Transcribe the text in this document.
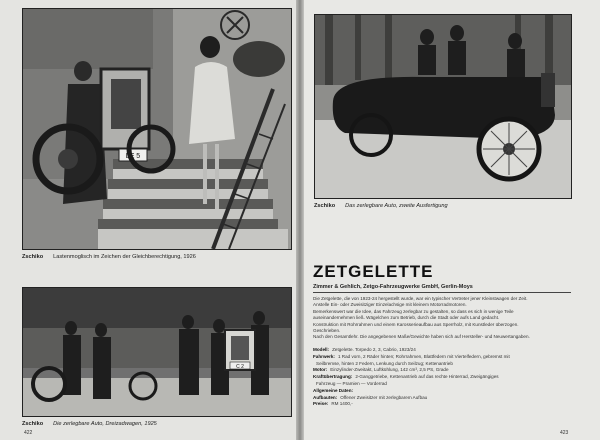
LE 5
Zschiko Lastenmoglisch im Zeichen der Gleichberechtigung, 1926
C 2
Zschiko Die zerlegbare Auto, Dreizadwagen, 1925
422
Zschiko Das zerlegbare Auto, zweite Ausfertigung
ZETGELETTE
Zimmer & Gehlich, Zetgo-Fahrzeugwerke GmbH, Gerlin-Moys
Die Zetgelette, die von 1923-24 hergestellt wurde, war ein typischer Vertreter jener Kleinstwagen der Zeit.
Anstelle Ein- oder Zweisitziger Einzelachsige mit kleinem Motorradmotoren.
Bemerkenswert war die Idee, das Fahrzeug zerlegbar zu gestalten, so dass es sich in wenige Teile
auseinandernehmen ließ. Wägelchen zum Betrieb, durch die Stadt oder aufs Land gedacht.
Konstruktion mit Rohrrahmen und einem Karosserieaufbau aus Sperrholz, mit Kunstleder überzogen.
Geschrieben.
Nach den Gesamtlehr. Die angegebenen Maße/Gewichte haben sich auf Hersteller- und Neuwertangaben.
Modell: Zetgelette. Torpedo 2, 3, Cabrio, 1923/24
Fahrwerk: 1 Rad vorn, 2 Räder hinten; Rohrrahmen, Blattfedern mit Viertelfedern, gebremst mit
Seilbremse, hinten 2 Federn, Lenkung durch Seilzug; Kettenantrieb
Motor: Einzylinder-Zweitakt, Luftkühlung, 142 cm³, 2,5 PS, Grade
Kraftübertragung: 2-Ganggetriebe, Kettenantrieb auf das rechte Hinterrad, Zweigängiges
Fahrzeug — Pramien — Vorderrad
Allgemeine Daten:
Aufbauten: Offener Zweisitzer mit zerlegbarem Aufbau
Preise: RM 1400,-
423
